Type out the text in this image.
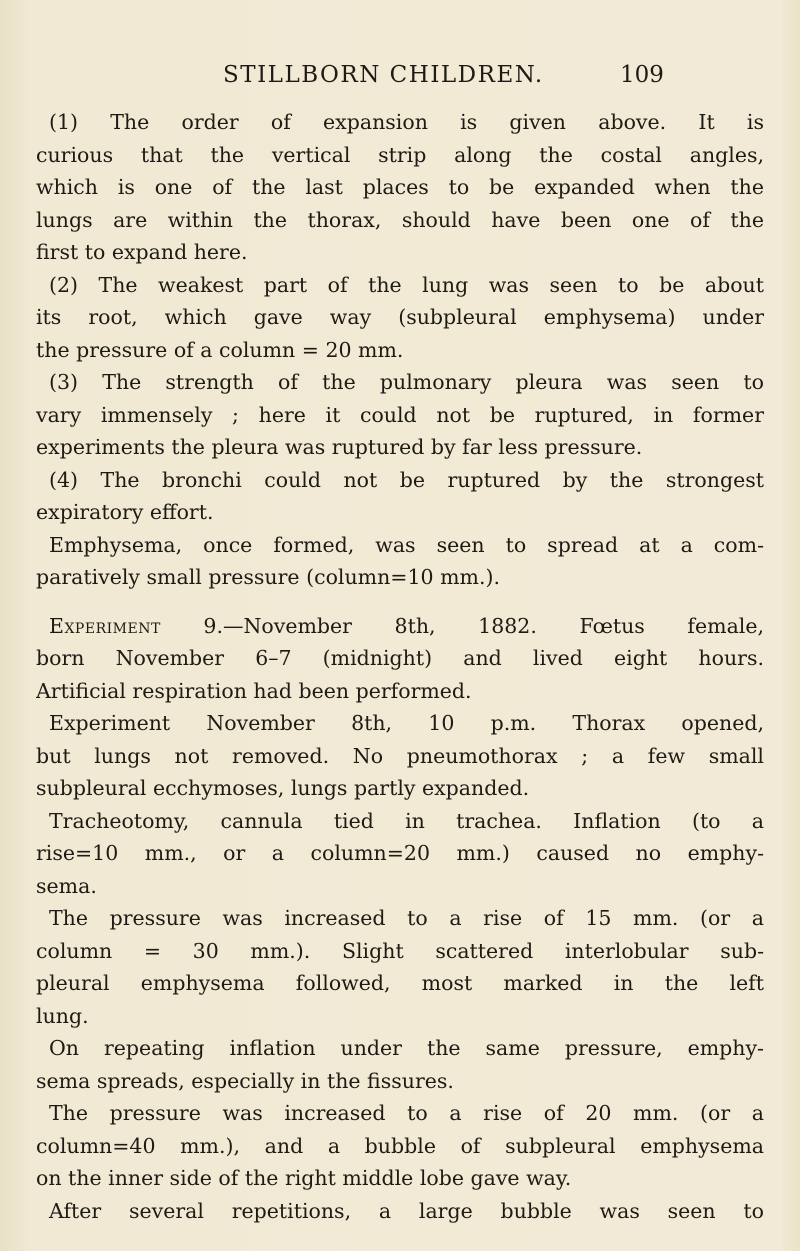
STILLBORN CHILDREN.	109
(1) The order of expansion is given above. It is
curious that the vertical strip along the costal angles,
which is one of the last places to be expanded when the
lungs are within the thorax, should have been one of the
first to expand here.
(2) The weakest part of the lung was seen to be about
its root, which gave way (subpleural emphysema) under
the pressure of a column = 20 mm.
(3) The strength of the pulmonary pleura was seen to
vary immensely ; here it could not be ruptured, in former
experiments the pleura was ruptured by far less pressure.
(4) The bronchi could not be ruptured by the strongest
expiratory effort.
Emphysema, once formed, was seen to spread at a com-
paratively small pressure (column=10 mm.).
Experiment 9.—November 8th, 1882. Fœtus female,
born November 6–7 (midnight) and lived eight hours.
Artificial respiration had been performed.
Experiment November 8th, 10 p.m. Thorax opened,
but lungs not removed. No pneumothorax ; a few small
subpleural ecchymoses, lungs partly expanded.
Tracheotomy, cannula tied in trachea. Inflation (to a
rise=10 mm., or a column=20 mm.) caused no emphy-
sema.
The pressure was increased to a rise of 15 mm. (or a
column = 30 mm.). Slight scattered interlobular sub-
pleural emphysema followed, most marked in the left
lung.
On repeating inflation under the same pressure, emphy-
sema spreads, especially in the fissures.
The pressure was increased to a rise of 20 mm. (or a
column=40 mm.), and a bubble of subpleural emphysema
on the inner side of the right middle lobe gave way.
After several repetitions, a large bubble was seen to
